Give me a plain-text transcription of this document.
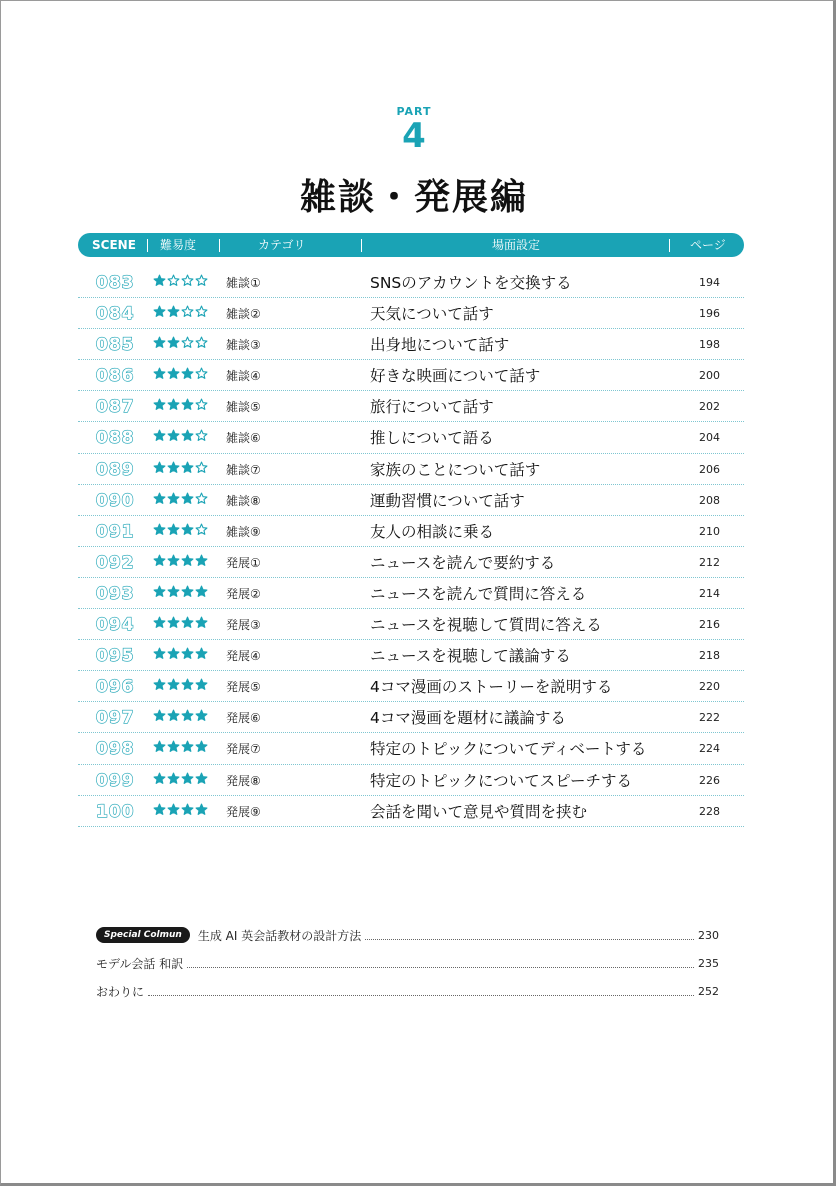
PART
4
雑談・発展編
SCENE 難易度	カテゴリ	場面設定	ページ
083	雑談①	SNSのアカウントを交換する	194
084	雑談②	天気について話す	196
085	雑談③	出身地について話す	198
086	雑談④	好きな映画について話す	200
087	雑談⑤	旅行について話す	202
088	雑談⑥	推しについて語る	204
089	雑談⑦	家族のことについて話す	206
090	雑談⑧	運動習慣について話す	208
091	雑談⑨	友人の相談に乗る	210
092	発展①	ニュースを読んで要約する	212
093	発展②	ニュースを読んで質問に答える	214
094	発展③	ニュースを視聴して質問に答える	216
095	発展④	ニュースを視聴して議論する	218
096	発展⑤	4コマ漫画のストーリーを説明する	220
097	発展⑥	4コマ漫画を題材に議論する	222
098	発展⑦	特定のトピックについてディベートする	224
099	発展⑧	特定のトピックについてスピーチする	226
100	発展⑨	会話を聞いて意見や質問を挟む	228
Special Colmun	生成 AI 英会話教材の設計方法	230
モデル会話 和訳	235
おわりに	252
